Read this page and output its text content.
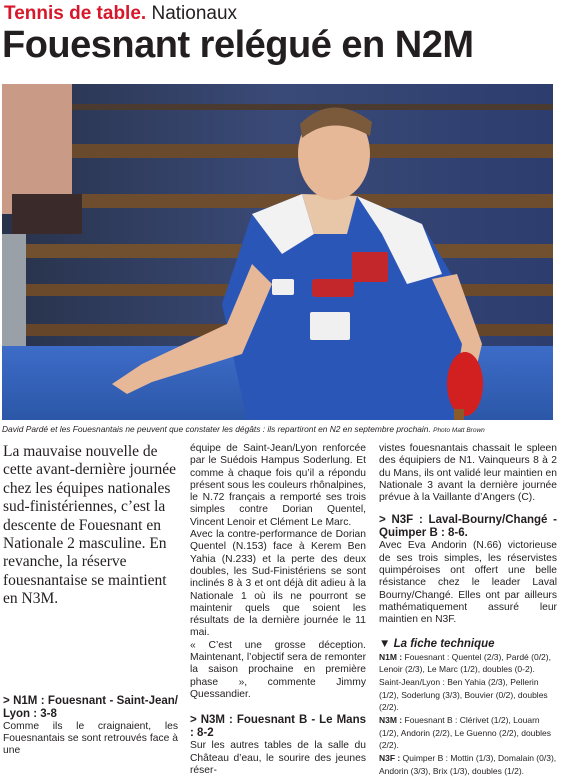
Tennis de table. Nationaux
Fouesnant relégué en N2M
David Pardé et les Fouesnantais ne peuvent que constater les dégâts : ils repartiront en N2 en septembre prochain. Photo Matt Brown

La mauvaise nouvelle de cette avant-dernière journée chez les équipes nationales sud-finistériennes, c’est la descente de Fouesnant en Nationale 2 masculine. En revanche, la réserve fouesnantaise se maintient en N3M.

> N1M : Fouesnant - Saint-Jean/ Lyon : 3-8

Comme ils le craignaient, les Fouesnantais se sont retrouvés face à une

équipe de Saint-Jean/Lyon renforcée par le Suédois Hampus Soderlung. Et comme à chaque fois qu’il a répondu présent sous les couleurs rhônalpines, le N.72 français a remporté ses trois simples contre Dorian Quentel, Vincent Lenoir et Clément Le Marc.

Avec la contre-performance de Dorian Quentel (N.153) face à Kerem Ben Yahia (N.233) et la perte des deux doubles, les Sud-Finistériens se sont inclinés 8 à 3 et ont déjà dit adieu à la Nationale 1 où ils ne pourront se maintenir quels que soient les résultats de la dernière journée le 11 mai.

« C’est une grosse déception. Maintenant, l’objectif sera de remonter la saison prochaine en première phase », commente Jimmy Quessandier.

> N3M : Fouesnant B - Le Mans : 8-2

Sur les autres tables de la salle du Château d’eau, le sourire des jeunes réser-

vistes fouesnantais chassait le spleen des équipiers de N1. Vainqueurs 8 à 2 du Mans, ils ont validé leur maintien en Nationale 3 avant la dernière journée prévue à la Vaillante d’Angers (C).

> N3F : Laval-Bourny/Changé - Quimper B : 8-6.

Avec Eva Andorin (N.66) victorieuse de ses trois simples, les réservistes quimpéroises ont offert une belle résistance chez le leader Laval Bourny/Changé. Elles ont par ailleurs mathématiquement assuré leur maintien en N3F.

▼ La fiche technique

N1M : Fouesnant : Quentel (2/3), Pardé (0/2), Lenoir (2/3), Le Marc (1/2), doubles (0-2).

Saint-Jean/Lyon : Ben Yahia (2/3), Pellerin (1/2), Soderlung (3/3), Bouvier (0/2), doubles (2/2).

N3M : Fouesnant B : Clérivet (1/2), Louarn (1/2), Andorin (2/2), Le Guenno (2/2), doubles (2/2).

N3F : Quimper B : Mottin (1/3), Domalain (0/3), Andorin (3/3), Brix (1/3), doubles (1/2).
